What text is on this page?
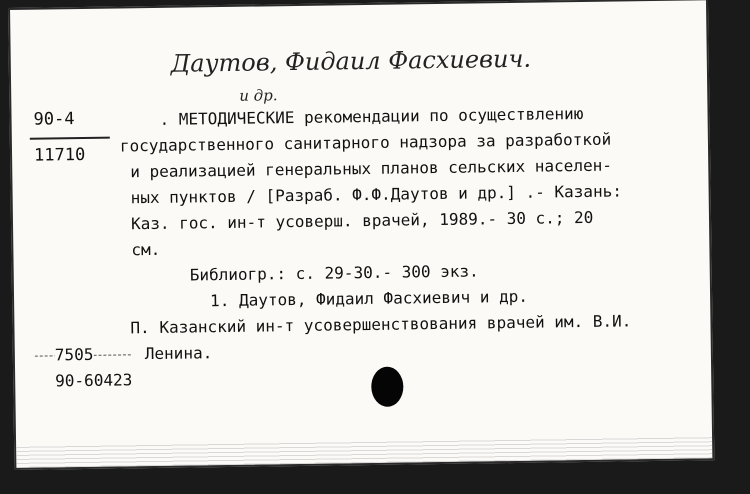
Даутов, Фидаил Фасхиевич.
и др.
90-4
11710
. МЕТОДИЧЕСКИЕ рекомендации по осуществлению
государственного санитарного надзора за разработкой
и реализацией генеральных планов сельских населен-
ных пунктов / [Разраб. Ф.Ф.Даутов и др.] .- Казань:
Каз. гос. ин-т усоверш. врачей, 1989.- 30 с.; 20
см.
Библиогр.: с. 29-30.- 300 экз.
1. Даутов, Фидаил Фасхиевич и др.
П. Казанский ин-т усовершенствования врачей им. В.И.
Ленина.
7505
90-60423
